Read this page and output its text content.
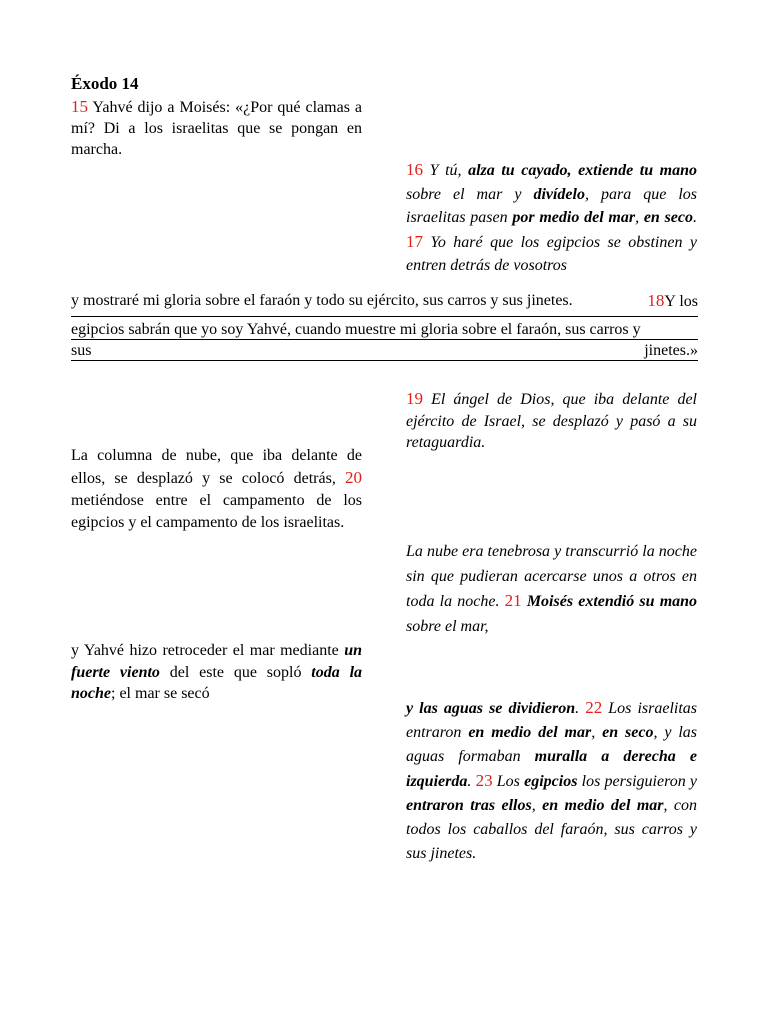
Éxodo 14
15 Yahvé dijo a Moisés: «¿Por qué clamas a mí? Di a los israelitas que se pongan en marcha.
16 Y tú, alza tu cayado, extiende tu mano sobre el mar y divídelo, para que los israelitas pasen por medio del mar, en seco. 17 Yo haré que los egipcios se obstinen y entren detrás de vosotros
y mostraré mi gloria sobre el faraón y todo su ejército, sus carros y sus jinetes.	18Y los
egipcios sabrán que yo soy Yahvé, cuando muestre mi gloria sobre el faraón, sus carros y
sus	jinetes.»
19 El ángel de Dios, que iba delante del ejército de Israel, se desplazó y pasó a su retaguardia.
La columna de nube, que iba delante de ellos, se desplazó y se colocó detrás, 20 metiéndose entre el campamento de los egipcios y el campamento de los israelitas.
La nube era tenebrosa y transcurrió la noche sin que pudieran acercarse unos a otros en toda la noche. 21 Moisés extendió su mano sobre el mar,
y Yahvé hizo retroceder el mar mediante un fuerte viento del este que sopló toda la noche; el mar se secó
y las aguas se dividieron. 22 Los israelitas entraron en medio del mar, en seco, y las aguas formaban muralla a derecha e izquierda. 23 Los egipcios los persiguieron y entraron tras ellos, en medio del mar, con todos los caballos del faraón, sus carros y sus jinetes.
